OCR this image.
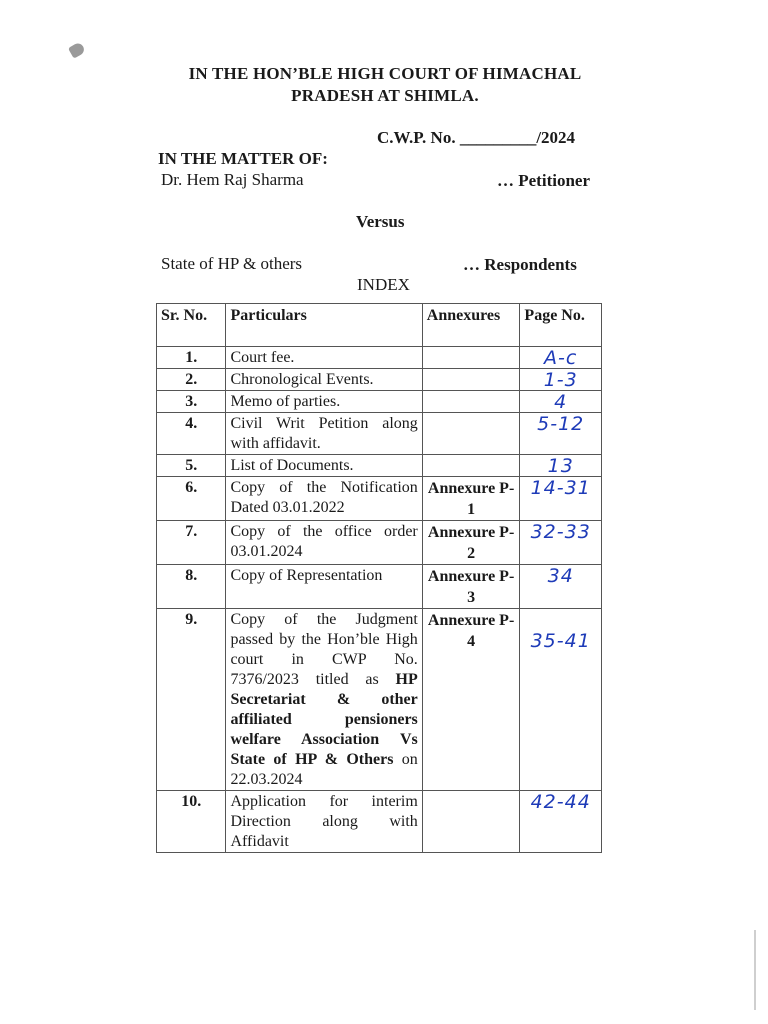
IN THE HON’BLE HIGH COURT OF HIMACHAL
PRADESH AT SHIMLA.
C.W.P. No. _________/2024
IN THE MATTER OF:
Dr. Hem Raj Sharma	… Petitioner
Versus
State of HP & others	… Respondents
INDEX
Sr. No.	Particulars	Annexures	Page No.
1.	Court fee.		A-c
2.	Chronological Events.		1-3
3.	Memo of parties.		4
4.	Civil Writ Petition along with affidavit.		5-12
5.	List of Documents.		13
6.	Copy of the Notification Dated 03.01.2022	Annexure P-1	14-31
7.	Copy of the office order 03.01.2024	Annexure P-2	32-33
8.	Copy of Representation	Annexure P-3	34
9.	Copy of the Judgment passed by the Hon’ble High court in CWP No. 7376/2023 titled as HP Secretariat & other affiliated pensioners welfare Association Vs State of HP & Others on 22.03.2024	Annexure P-4	35-41
10.	Application for interim Direction along with Affidavit		42-44
